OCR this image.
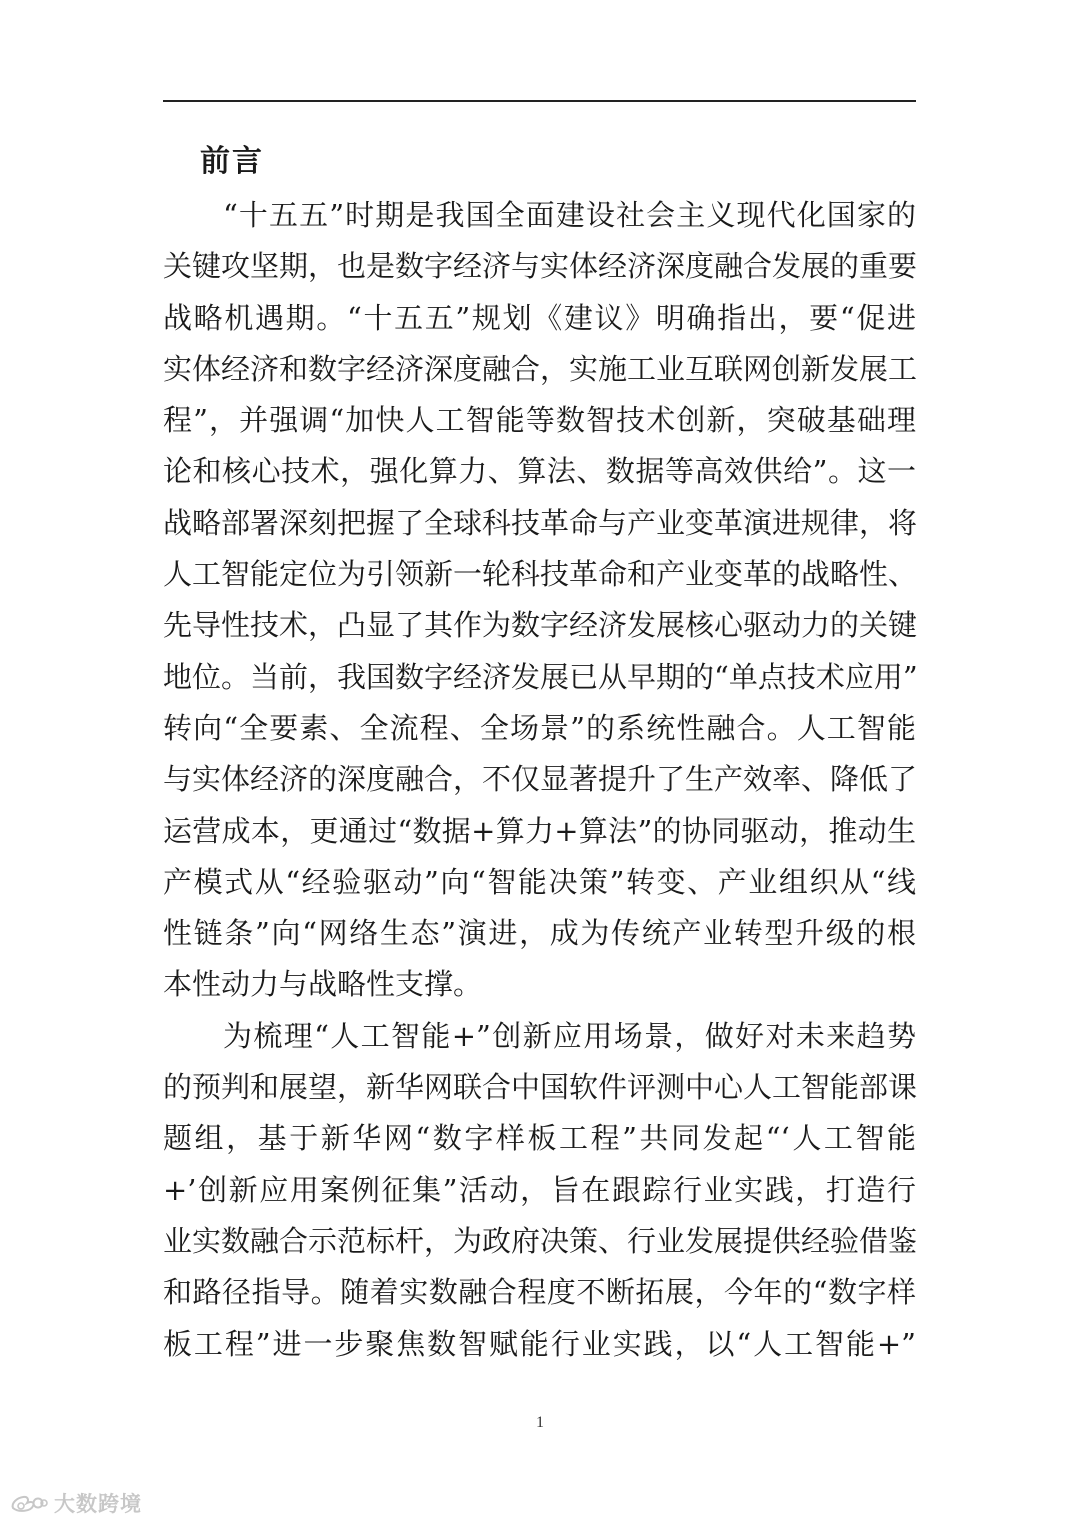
前言
“十五五”时期是我国全面建设社会主义现代化国家的
关键攻坚期，也是数字经济与实体经济深度融合发展的重要
战略机遇期。“十五五”规划《建议》明确指出，要“促进
实体经济和数字经济深度融合，实施工业互联网创新发展工
程”，并强调“加快人工智能等数智技术创新，突破基础理
论和核心技术，强化算力、算法、数据等高效供给”。这一
战略部署深刻把握了全球科技革命与产业变革演进规律，将
人工智能定位为引领新一轮科技革命和产业变革的战略性、
先导性技术，凸显了其作为数字经济发展核心驱动力的关键
地位。当前，我国数字经济发展已从早期的“单点技术应用”
转向“全要素、全流程、全场景”的系统性融合。人工智能
与实体经济的深度融合，不仅显著提升了生产效率、降低了
运营成本，更通过“数据+算力+算法”的协同驱动，推动生
产模式从“经验驱动”向“智能决策”转变、产业组织从“线
性链条”向“网络生态”演进，成为传统产业转型升级的根
本性动力与战略性支撑。
为梳理“人工智能+”创新应用场景，做好对未来趋势
的预判和展望，新华网联合中国软件评测中心人工智能部课
题组，基于新华网“数字样板工程”共同发起“‘人工智能
+’创新应用案例征集”活动，旨在跟踪行业实践，打造行
业实数融合示范标杆，为政府决策、行业发展提供经验借鉴
和路径指导。随着实数融合程度不断拓展，今年的“数字样
板工程”进一步聚焦数智赋能行业实践，以“人工智能+”
1
大数跨境
